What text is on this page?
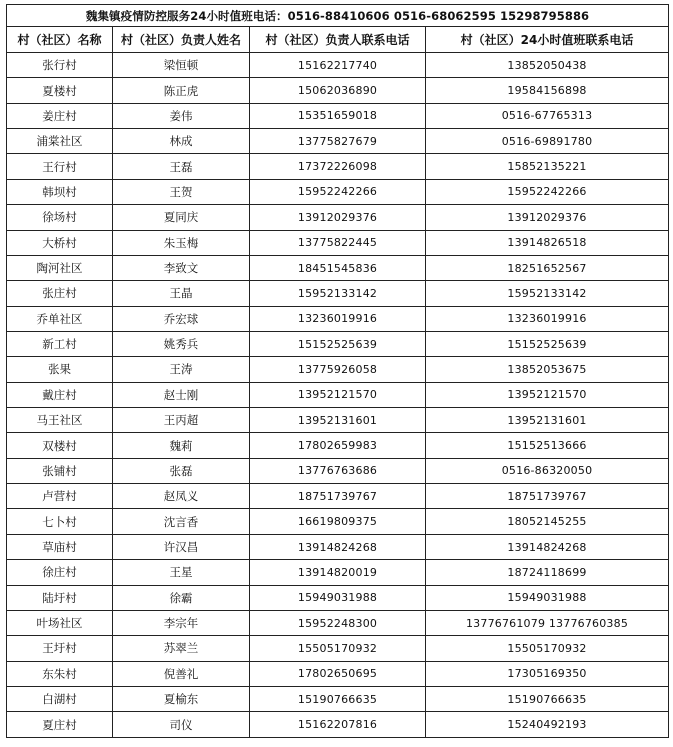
魏集镇疫情防控服务24小时值班电话：0516-88410606 0516-68062595 15298795886			
村（社区）名称	村（社区）负责人姓名	村（社区）负责人联系电话	村（社区）24小时值班联系电话
张行村	梁恒顿	15162217740	13852050438
夏楼村	陈正虎	15062036890	19584156898
姜庄村	姜伟	15351659018	0516-67765313
浦棠社区	林成	13775827679	0516-69891780
王行村	王磊	17372226098	15852135221
韩坝村	王贺	15952242266	15952242266
徐场村	夏同庆	13912029376	13912029376
大桥村	朱玉梅	13775822445	13914826518
陶河社区	李致文	18451545836	18251652567
张庄村	王晶	15952133142	15952133142
乔单社区	乔宏球	13236019916	13236019916
新工村	姚秀兵	15152525639	15152525639
张果	王涛	13775926058	13852053675
戴庄村	赵士刚	13952121570	13952121570
马王社区	王丙超	13952131601	13952131601
双楼村	魏莉	17802659983	15152513666
张铺村	张磊	13776763686	0516-86320050
卢营村	赵凤义	18751739767	18751739767
七卜村	沈言香	16619809375	18052145255
草庙村	许汉昌	13914824268	13914824268
徐庄村	王星	13914820019	18724118699
陆圩村	徐霸	15949031988	15949031988
叶场社区	李宗年	15952248300	13776761079 13776760385
王圩村	苏翠兰	15505170932	15505170932
东朱村	倪善礼	17802650695	17305169350
白湖村	夏榆东	15190766635	15190766635
夏庄村	司仪	15162207816	15240492193
